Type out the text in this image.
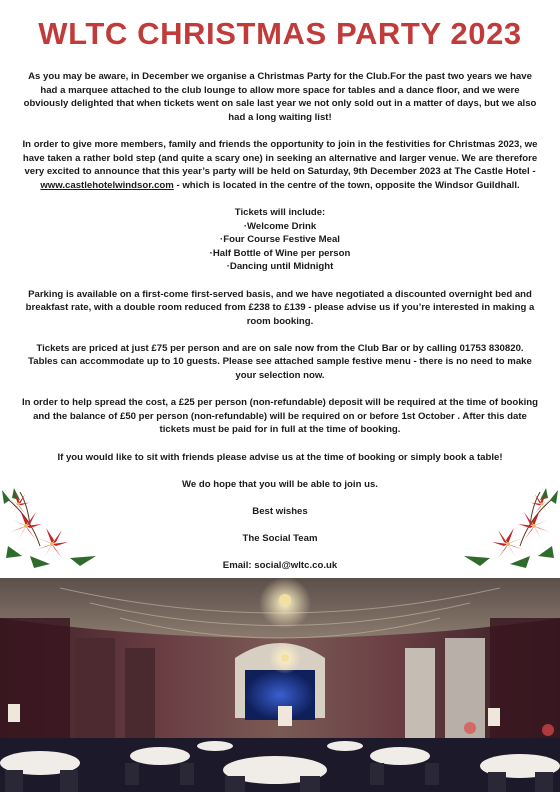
WLTC CHRISTMAS PARTY 2023

As you may be aware, in December we organise a Christmas Party for the Club.For the past two years we have had a marquee attached to the club lounge to allow more space for tables and a dance floor, and we were obviously delighted that when tickets went on sale last year we not only sold out in a matter of days, but we also had a long waiting list!

In order to give more members, family and friends the opportunity to join in the festivities for Christmas 2023, we have taken a rather bold step (and quite a scary one) in seeking an alternative and larger venue. We are therefore very excited to announce that this year’s party will be held on Saturday, 9th December 2023 at The Castle Hotel - www.castlehotelwindsor.com - which is located in the centre of the town, opposite the Windsor Guildhall.

Tickets will include:

· Welcome Drink
· Four Course Festive Meal
· Half Bottle of Wine per person
· Dancing until Midnight

Parking is available on a first-come first-served basis, and we have negotiated a discounted overnight bed and breakfast rate, with a double room reduced from £238 to £139 - please advise us if you’re interested in making a room booking.

Tickets are priced at just £75 per person and are on sale now from the Club Bar or by calling 01753 830820. Tables can accommodate up to 10 guests. Please see attached sample festive menu - there is no need to make your selection now.

In order to help spread the cost, a £25 per person (non-refundable) deposit will be required at the time of booking and the balance of £50 per person (non-refundable) will be required on or before 1st October . After this date tickets must be paid for in full at the time of booking.

If you would like to sit with friends please advise us at the time of booking or simply book a table!

We do hope that you will be able to join us.

Best wishes

The Social Team

Email: social@wltc.co.uk
